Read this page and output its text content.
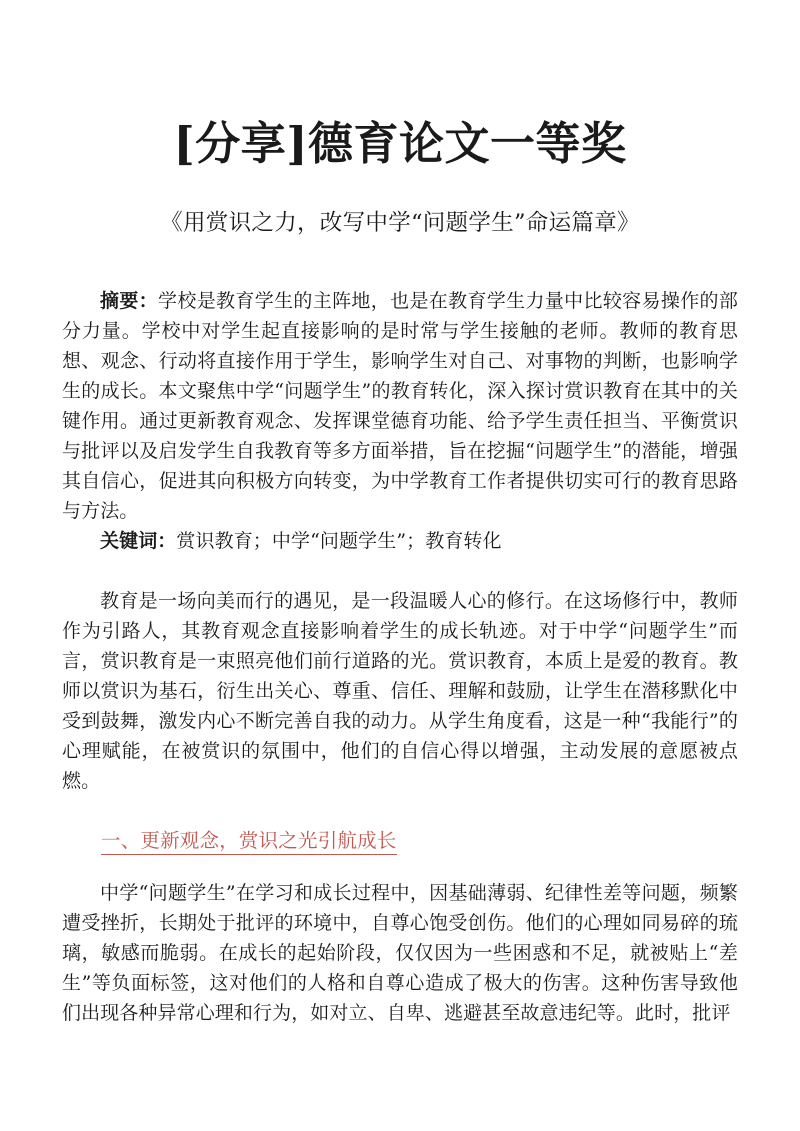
[分享]德育论文一等奖
《用赏识之力，改写中学“问题学生”命运篇章》

摘要：学校是教育学生的主阵地，也是在教育学生力量中比较容易操作的部分力量。学校中对学生起直接影响的是时常与学生接触的老师。教师的教育思想、观念、行动将直接作用于学生，影响学生对自己、对事物的判断，也影响学生的成长。本文聚焦中学“问题学生”的教育转化，深入探讨赏识教育在其中的关键作用。通过更新教育观念、发挥课堂德育功能、给予学生责任担当、平衡赏识与批评以及启发学生自我教育等多方面举措，旨在挖掘“问题学生”的潜能，增强其自信心，促进其向积极方向转变，为中学教育工作者提供切实可行的教育思路与方法。

关键词：赏识教育；中学“问题学生”；教育转化

教育是一场向美而行的遇见，是一段温暖人心的修行。在这场修行中，教师作为引路人，其教育观念直接影响着学生的成长轨迹。对于中学“问题学生”而言，赏识教育是一束照亮他们前行道路的光。赏识教育，本质上是爱的教育。教师以赏识为基石，衍生出关心、尊重、信任、理解和鼓励，让学生在潜移默化中受到鼓舞，激发内心不断完善自我的动力。从学生角度看，这是一种“我能行”的心理赋能，在被赏识的氛围中，他们的自信心得以增强，主动发展的意愿被点燃。

一、更新观念，赏识之光引航成长

中学“问题学生”在学习和成长过程中，因基础薄弱、纪律性差等问题，频繁遭受挫折，长期处于批评的环境中，自尊心饱受创伤。他们的心理如同易碎的琉璃，敏感而脆弱。在成长的起始阶段，仅仅因为一些困惑和不足，就被贴上“差生”等负面标签，这对他们的人格和自尊心造成了极大的伤害。这种伤害导致他们出现各种异常心理和行为，如对立、自卑、逃避甚至故意违纪等。此时，批评
